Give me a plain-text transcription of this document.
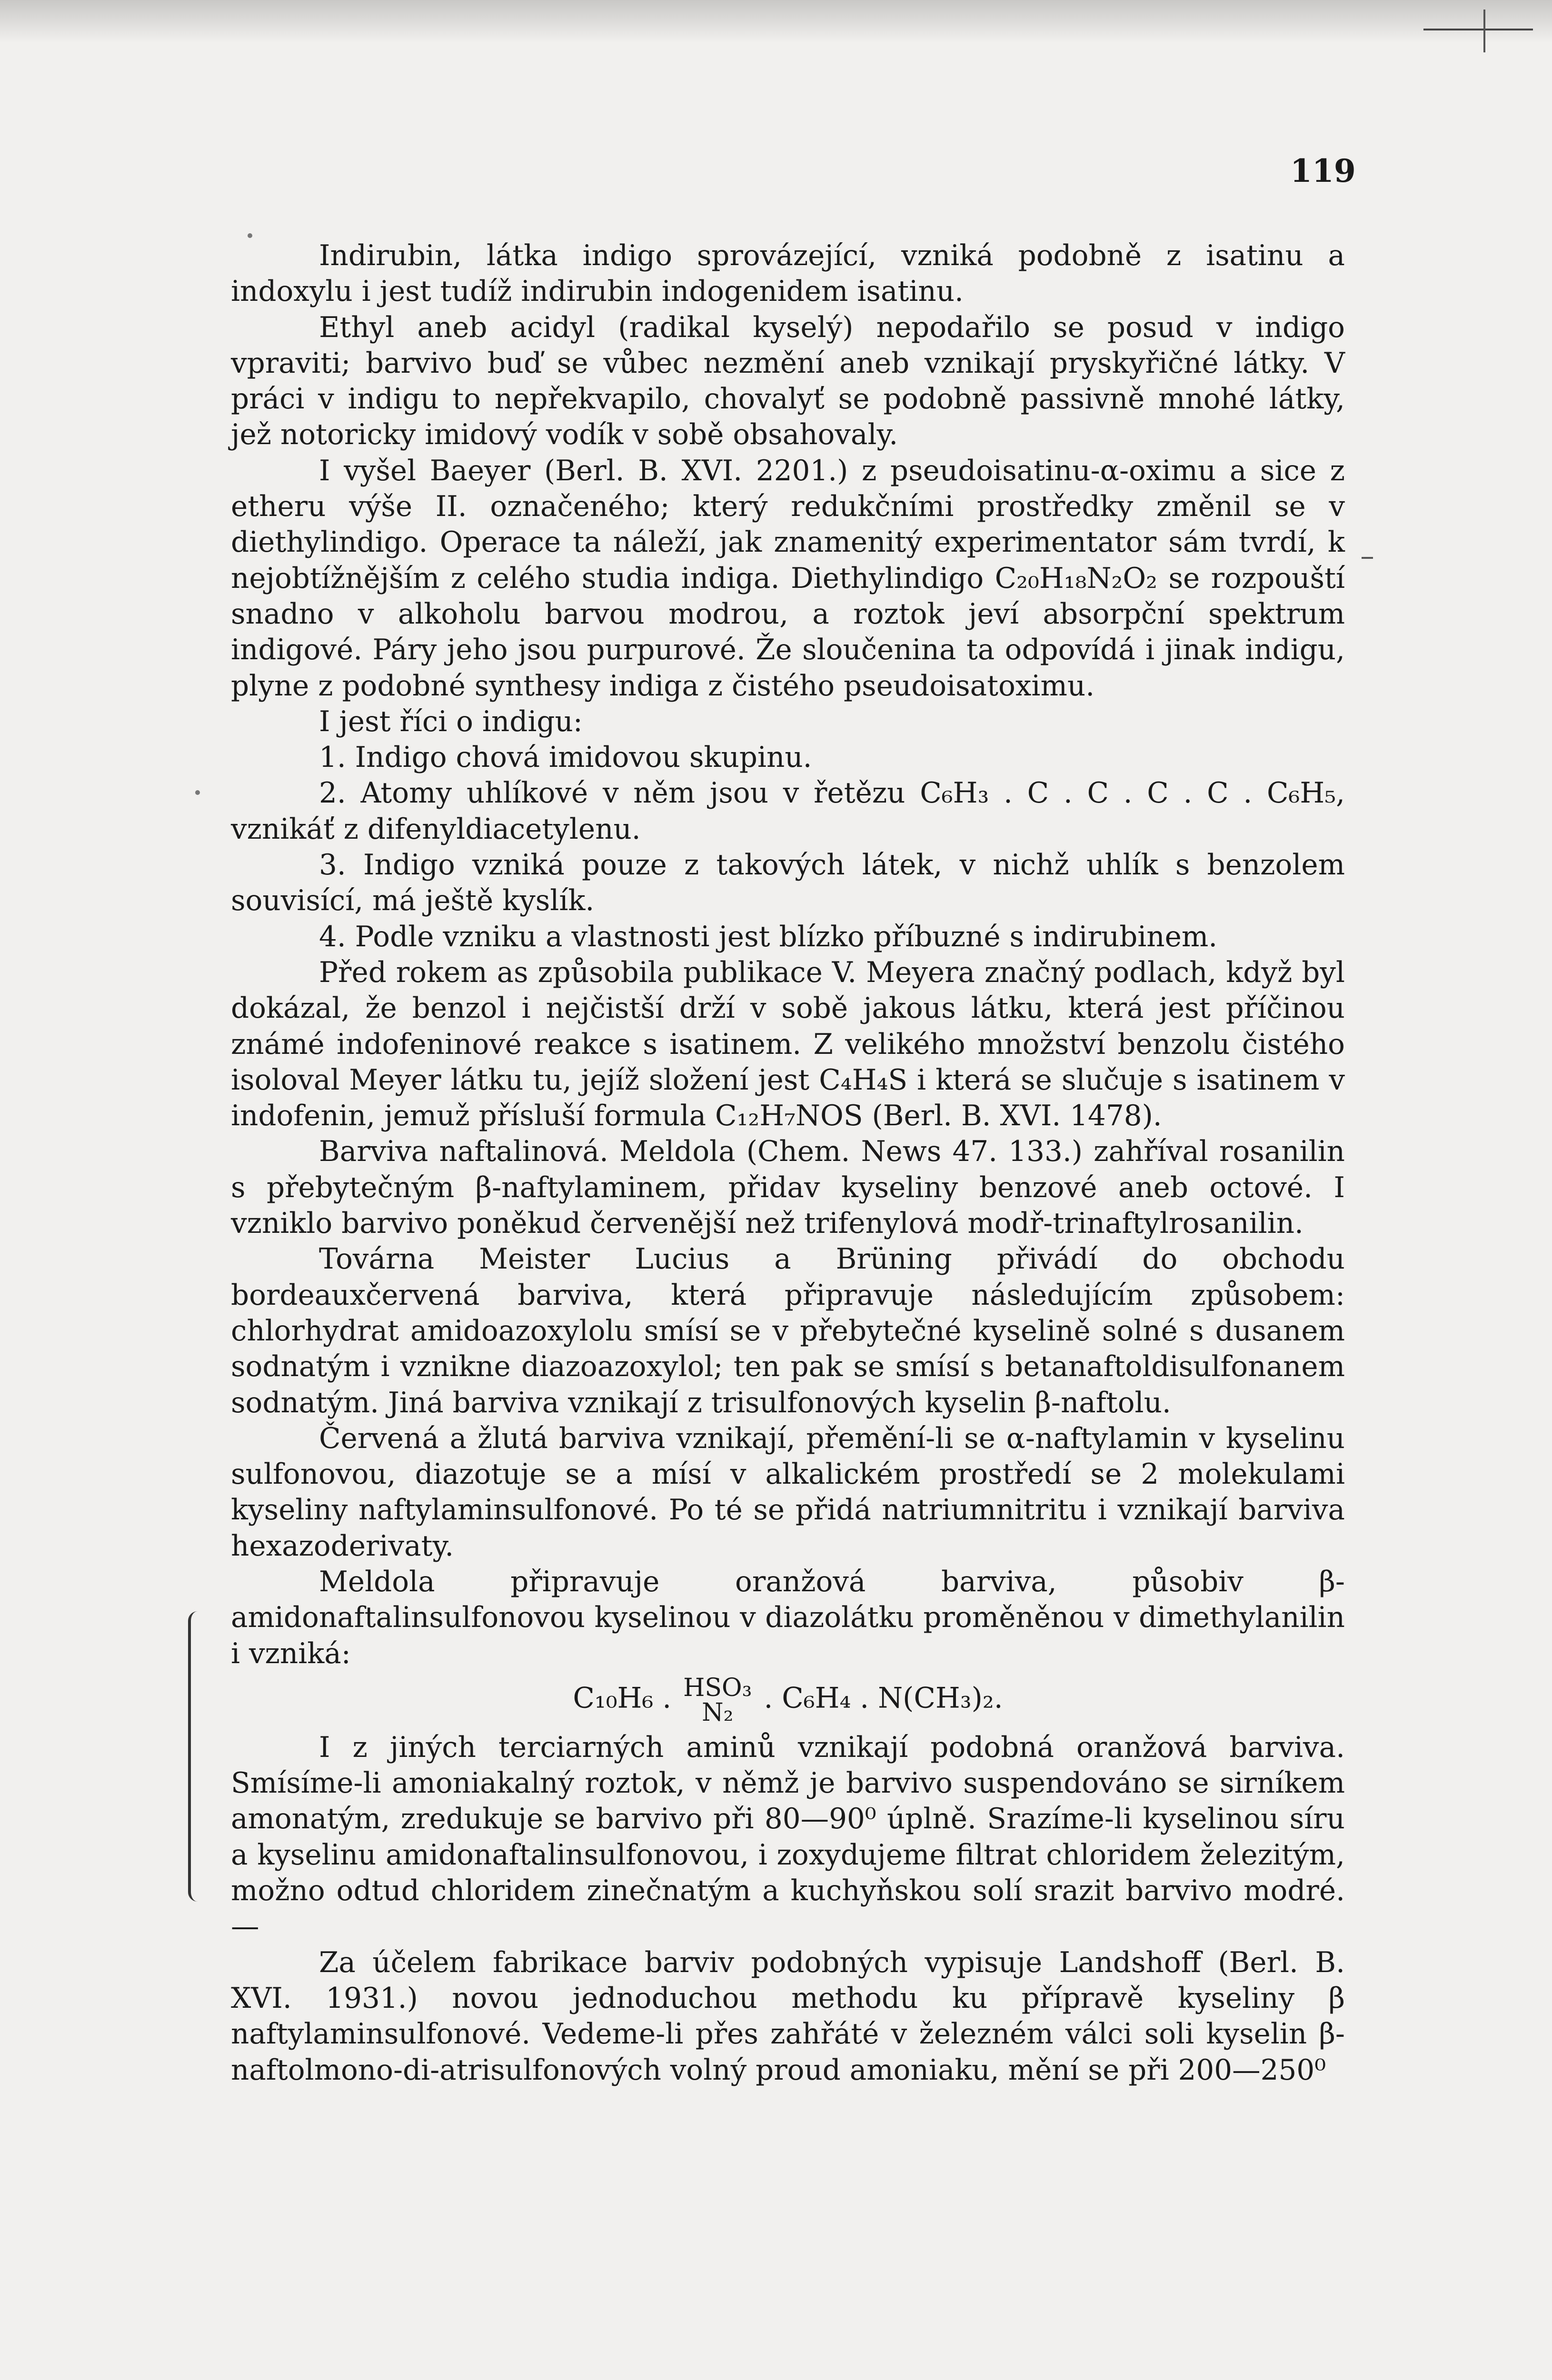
119

Indirubin, látka indigo sprovázející, vzniká podobně z isatinu a indoxylu i jest tudíž indirubin indogenidem isatinu.

Ethyl aneb acidyl (radikal kyselý) nepodařilo se posud v indigo vpraviti; barvivo buď se vůbec nezmění aneb vznikají pryskyřičné látky. V práci v indigu to nepřekvapilo, chovalyť se podobně passivně mnohé látky, jež notoricky imidový vodík v sobě obsahovaly.

I vyšel Baeyer (Berl. B. XVI. 2201.) z pseudoisatinu-α-oximu a sice z etheru výše II. označeného; který redukčními prostředky změnil se v diethylindigo. Operace ta náleží, jak znamenitý experimentator sám tvrdí, k nejobtížnějším z celého studia indiga. Diethylindigo C₂₀H₁₈N₂O₂ se rozpouští snadno v alkoholu barvou modrou, a roztok jeví absorpční spektrum indigové. Páry jeho jsou purpurové. Že sloučenina ta odpovídá i jinak indigu, plyne z podobné synthesy indiga z čistého pseudoisatoximu.

I jest říci o indigu:

1. Indigo chová imidovou skupinu.

2. Atomy uhlíkové v něm jsou v řetězu C₆H₃ . C . C . C . C . C₆H₅, vznikáť z difenyldiacetylenu.

3. Indigo vzniká pouze z takových látek, v nichž uhlík s benzolem souvisící, má ještě kyslík.

4. Podle vzniku a vlastnosti jest blízko příbuzné s indirubinem.

Před rokem as způsobila publikace V. Meyera značný podlach, když byl dokázal, že benzol i nejčistší drží v sobě jakous látku, která jest příčinou známé indofeninové reakce s isatinem. Z velikého množství benzolu čistého isoloval Meyer látku tu, jejíž složení jest C₄H₄S i která se slučuje s isatinem v indofenin, jemuž přísluší formula C₁₂H₇NOS (Berl. B. XVI. 1478).

Barviva naftalinová. Meldola (Chem. News 47. 133.) zahříval rosanilin s přebytečným β-naftylaminem, přidav kyseliny benzové aneb octové. I vzniklo barvivo poněkud červenější než trifenylová modř-trinaftylrosanilin.

Továrna Meister Lucius a Brüning přivádí do obchodu bordeauxčervená barviva, která připravuje následujícím způsobem: chlorhydrat amidoazoxylolu smísí se v přebytečné kyselině solné s dusanem sodnatým i vznikne diazoazoxylol; ten pak se smísí s betanaftoldisulfonanem sodnatým. Jiná barviva vznikají z trisulfonových kyselin β-naftolu.

Červená a žlutá barviva vznikají, přemění-li se α-naftylamin v kyselinu sulfonovou, diazotuje se a mísí v alkalickém prostředí se 2 molekulami kyseliny naftylaminsulfonové. Po té se přidá natriumnitritu i vznikají barviva hexazoderivaty.

Meldola připravuje oranžová barviva, působiv β-amidonaftalinsulfonovou kyselinou v diazolátku proměněnou v dimethylanilin i vzniká:

C₁₀H₆ . HSO₃
N₂	. C₆H₄ . N(CH₃)₂.

I z jiných terciarných aminů vznikají podobná oranžová barviva. Smísíme-li amoniakalný roztok, v němž je barvivo suspendováno se sirníkem amonatým, zredukuje se barvivo při 80—90⁰ úplně. Srazíme-li kyselinou síru a kyselinu amidonaftalinsulfonovou, i zoxydujeme filtrat chloridem železitým, možno odtud chloridem zinečnatým a kuchyňskou solí srazit barvivo modré. —

Za účelem fabrikace barviv podobných vypisuje Landshoff (Berl. B. XVI. 1931.) novou jednoduchou methodu ku přípravě kyseliny β naftylaminsulfonové. Vedeme-li přes zahřáté v železném válci soli kyselin β-naftolmono-di-atrisulfonových volný proud amoniaku, mění se při 200—250⁰
